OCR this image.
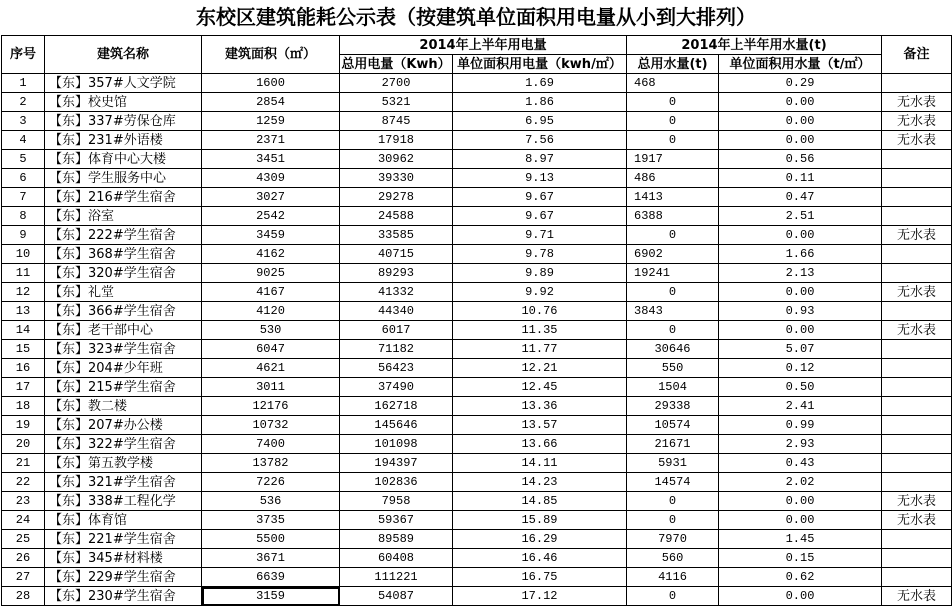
东校区建筑能耗公示表（按建筑单位面积用电量从小到大排列）
序号	建筑名称	建筑面积（㎡）	2014年上半年用电量		2014年上半年用水量(t)		备注
			总用电量（Kwh）	单位面积用电量（kwh/㎡）	总用水量(t)	单位面积用水量（t/㎡）	
1	【东】357#人文学院	1600	2700	1.69	468	0.29	
2	【东】校史馆	2854	5321	1.86	0	0.00	无水表
3	【东】337#劳保仓库	1259	8745	6.95	0	0.00	无水表
4	【东】231#外语楼	2371	17918	7.56	0	0.00	无水表
5	【东】体育中心大楼	3451	30962	8.97	1917	0.56	
6	【东】学生服务中心	4309	39330	9.13	486	0.11	
7	【东】216#学生宿舍	3027	29278	9.67	1413	0.47	
8	【东】浴室	2542	24588	9.67	6388	2.51	
9	【东】222#学生宿舍	3459	33585	9.71	0	0.00	无水表
10	【东】368#学生宿舍	4162	40715	9.78	6902	1.66	
11	【东】320#学生宿舍	9025	89293	9.89	19241	2.13	
12	【东】礼堂	4167	41332	9.92	0	0.00	无水表
13	【东】366#学生宿舍	4120	44340	10.76	3843	0.93	
14	【东】老干部中心	530	6017	11.35	0	0.00	无水表
15	【东】323#学生宿舍	6047	71182	11.77	30646	5.07	
16	【东】204#少年班	4621	56423	12.21	550	0.12	
17	【东】215#学生宿舍	3011	37490	12.45	1504	0.50	
18	【东】教二楼	12176	162718	13.36	29338	2.41	
19	【东】207#办公楼	10732	145646	13.57	10574	0.99	
20	【东】322#学生宿舍	7400	101098	13.66	21671	2.93	
21	【东】第五教学楼	13782	194397	14.11	5931	0.43	
22	【东】321#学生宿舍	7226	102836	14.23	14574	2.02	
23	【东】338#工程化学	536	7958	14.85	0	0.00	无水表
24	【东】体育馆	3735	59367	15.89	0	0.00	无水表
25	【东】221#学生宿舍	5500	89589	16.29	7970	1.45	
26	【东】345#材料楼	3671	60408	16.46	560	0.15	
27	【东】229#学生宿舍	6639	111221	16.75	4116	0.62	
28	【东】230#学生宿舍	3159	54087	17.12	0	0.00	无水表
